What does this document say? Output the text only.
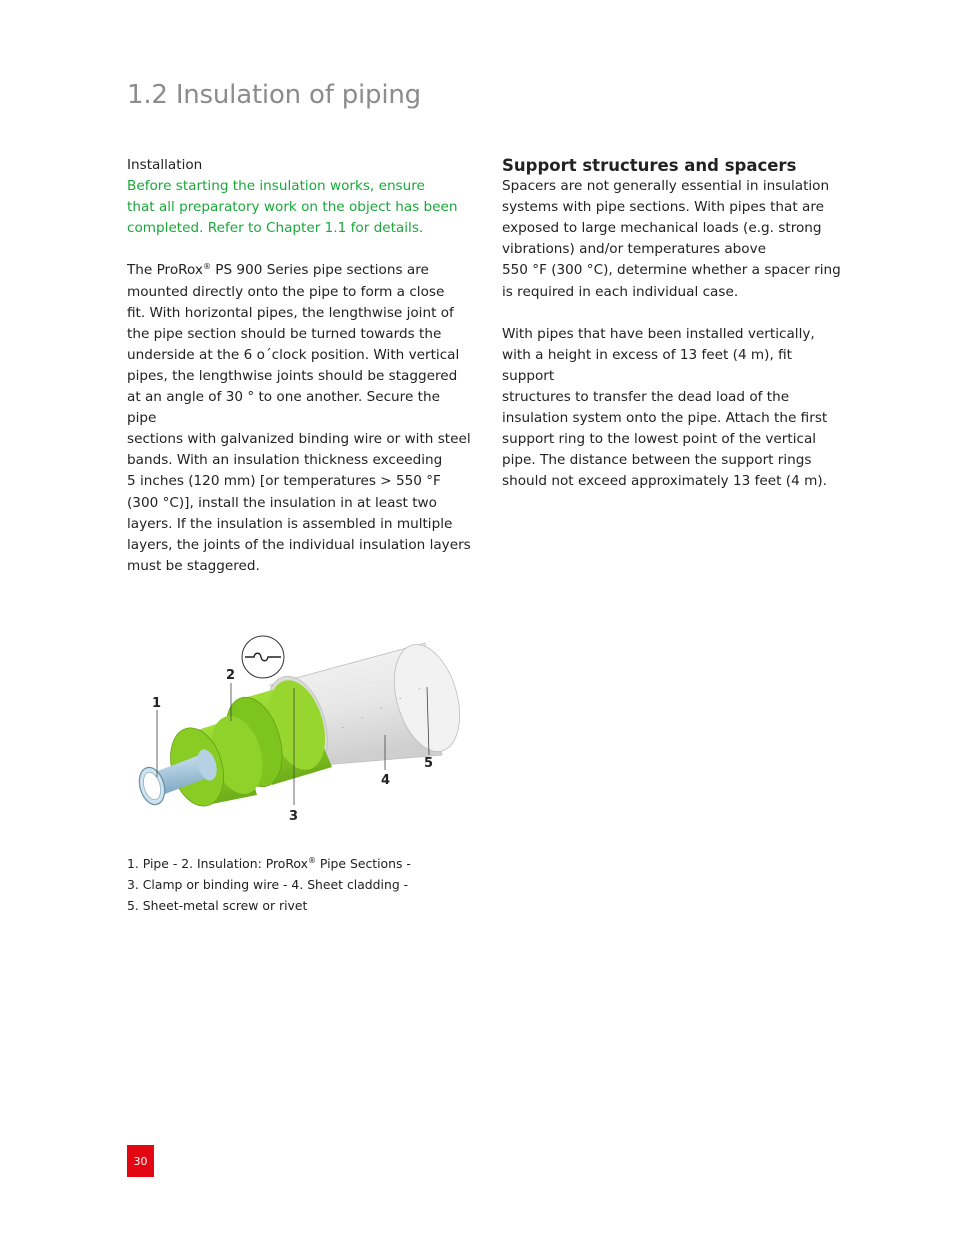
1.2 Insulation of piping

Installation

Before starting the insulation works, ensure

that all preparatory work on the object has been

completed. Refer to Chapter 1.1 for details.

The ProRox® PS 900 Series pipe sections are

mounted directly onto the pipe to form a close

fit. With horizontal pipes, the lengthwise joint of

the pipe section should be turned towards the

underside at the 6 o´clock position. With vertical

pipes, the lengthwise joints should be staggered

at an angle of 30 ° to one another. Secure the pipe

sections with galvanized binding wire or with steel

bands. With an insulation thickness exceeding

5 inches (120 mm) [or temperatures > 550 °F

(300 °C)], install the insulation in at least two

layers. If the insulation is assembled in multiple

layers, the joints of the individual insulation layers

must be staggered.

Support structures and spacers

Spacers are not generally essential in insulation

systems with pipe sections. With pipes that are

exposed to large mechanical loads (e.g. strong

vibrations) and/or temperatures above

550 °F (300 °C), determine whether a spacer ring

is required in each individual case.

With pipes that have been installed vertically,

with a height in excess of 13 feet (4 m), fit support

structures to transfer the dead load of the

insulation system onto the pipe. Attach the first

support ring to the lowest point of the vertical

pipe. The distance between the support rings

should not exceed approximately 13 feet (4 m).

1
2
3
4
5

1. Pipe - 2. Insulation: ProRox® Pipe Sections -

3. Clamp or binding wire - 4. Sheet cladding -

5. Sheet-metal screw or rivet

30
